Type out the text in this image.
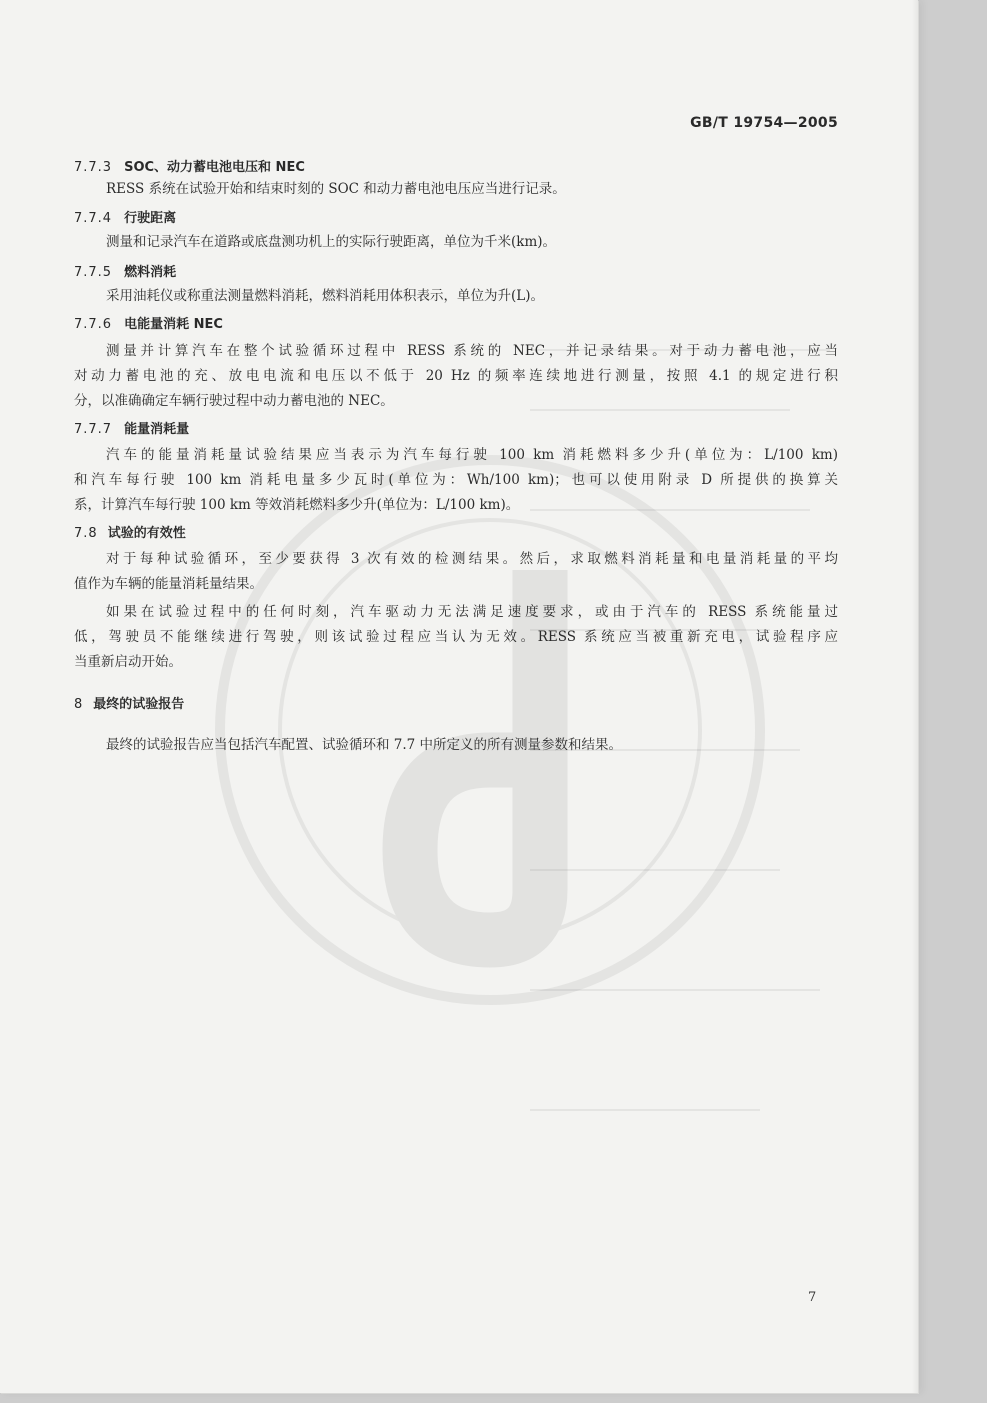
GB/T 19754—2005
7.7.3 SOC、动力蓄电池电压和 NEC
RESS 系统在试验开始和结束时刻的 SOC 和动力蓄电池电压应当进行记录。
7.7.4 行驶距离
测量和记录汽车在道路或底盘测功机上的实际行驶距离，单位为千米(km)。
7.7.5 燃料消耗
采用油耗仪或称重法测量燃料消耗，燃料消耗用体积表示，单位为升(L)。
7.7.6 电能量消耗 NEC
测量并计算汽车在整个试验循环过程中 RESS 系统的 NEC，并记录结果。对于动力蓄电池，应当
对动力蓄电池的充、放电电流和电压以不低于 20 Hz 的频率连续地进行测量，按照 4.1 的规定进行积
分，以准确确定车辆行驶过程中动力蓄电池的 NEC。
7.7.7 能量消耗量
汽车的能量消耗量试验结果应当表示为汽车每行驶 100 km 消耗燃料多少升(单位为：L/100 km)
和汽车每行驶 100 km 消耗电量多少瓦时(单位为：Wh/100 km)；也可以使用附录 D 所提供的换算关
系，计算汽车每行驶 100 km 等效消耗燃料多少升(单位为：L/100 km)。
7.8 试验的有效性
对于每种试验循环，至少要获得 3 次有效的检测结果。然后，求取燃料消耗量和电量消耗量的平均
值作为车辆的能量消耗量结果。
如果在试验过程中的任何时刻，汽车驱动力无法满足速度要求，或由于汽车的 RESS 系统能量过
低，驾驶员不能继续进行驾驶，则该试验过程应当认为无效。RESS 系统应当被重新充电，试验程序应
当重新启动开始。
8 最终的试验报告
最终的试验报告应当包括汽车配置、试验循环和 7.7 中所定义的所有测量参数和结果。
7
